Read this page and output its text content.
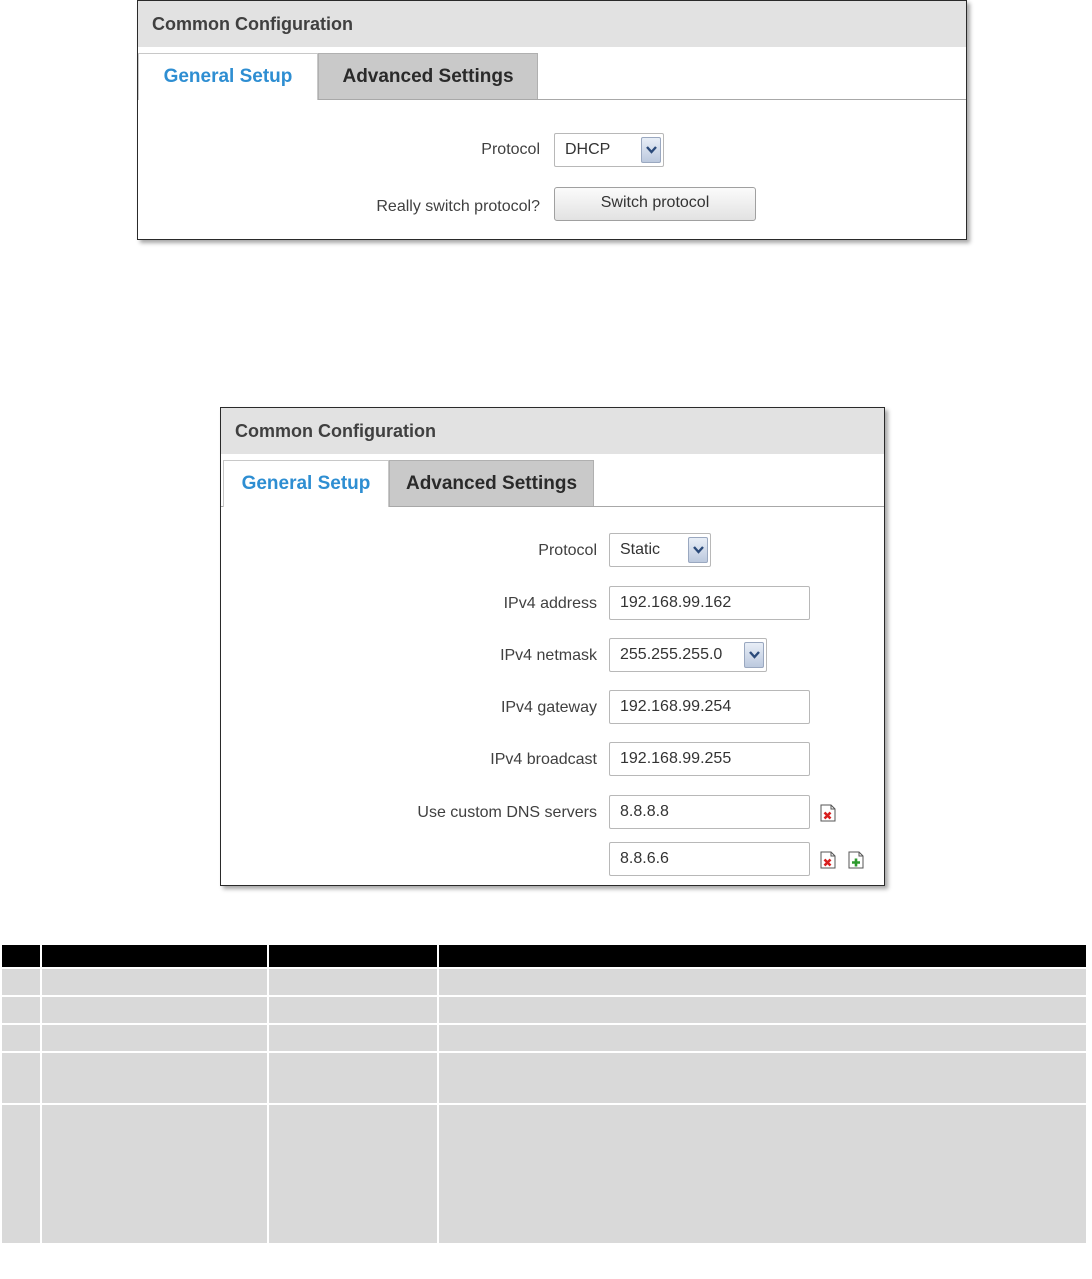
Common Configuration
General Setup	Advanced Settings
Protocol	DHCP
Really switch protocol?	Switch protocol
Common Configuration
General Setup	Advanced Settings
Protocol	Static
IPv4 address	192.168.99.162
IPv4 netmask	255.255.255.0
IPv4 gateway	192.168.99.254
IPv4 broadcast	192.168.99.255
Use custom DNS servers	8.8.8.8
8.8.6.6
